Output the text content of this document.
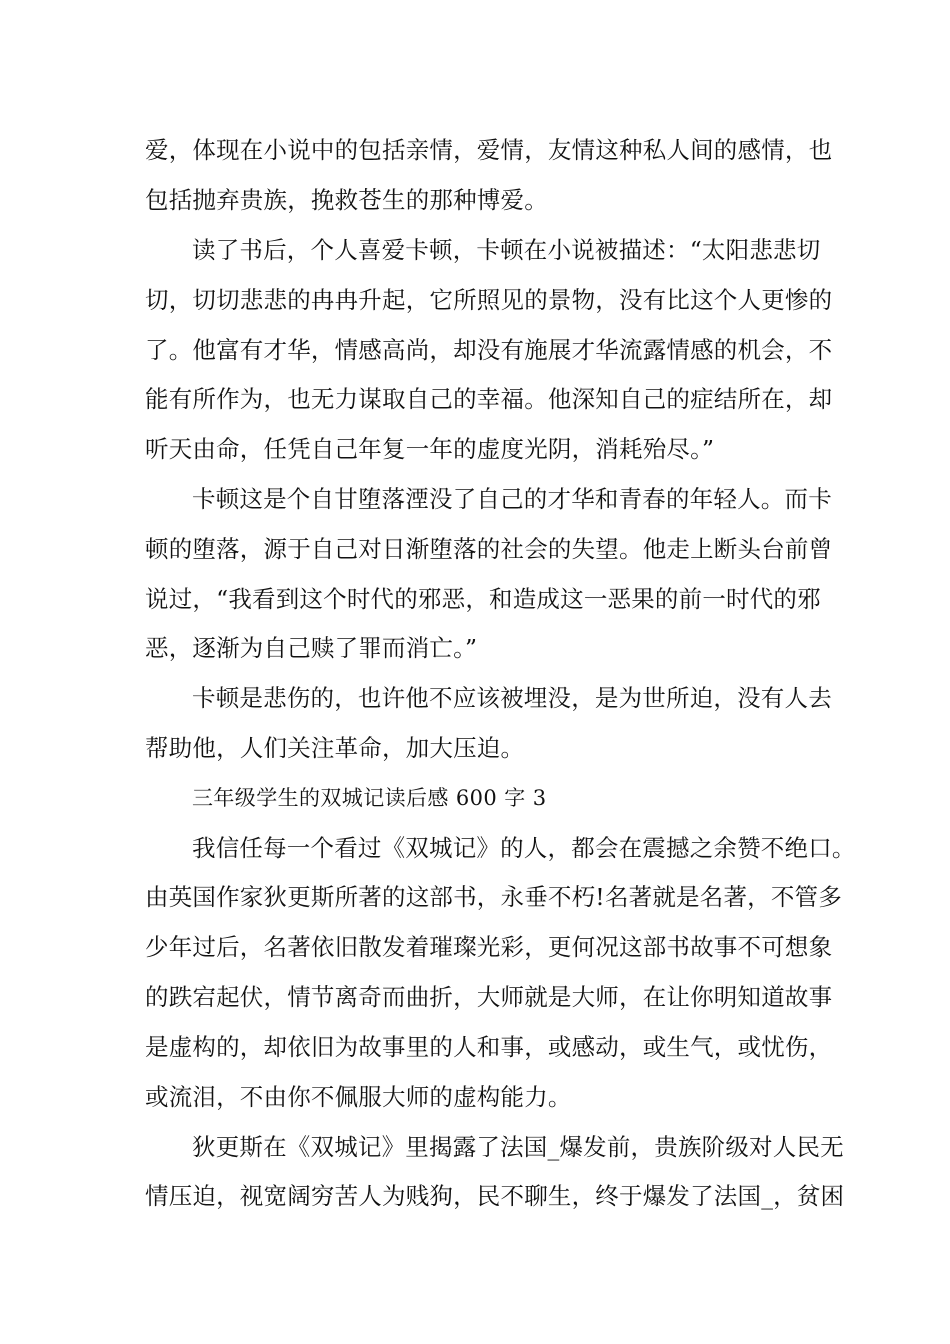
爱，体现在小说中的包括亲情，爱情，友情这种私人间的感情，也
包括抛弃贵族，挽救苍生的那种博爱。
读了书后，个人喜爱卡顿，卡顿在小说被描述：“太阳悲悲切
切，切切悲悲的冉冉升起，它所照见的景物，没有比这个人更惨的
了。他富有才华，情感高尚，却没有施展才华流露情感的机会，不
能有所作为，也无力谋取自己的幸福。他深知自己的症结所在，却
听天由命，任凭自己年复一年的虚度光阴，消耗殆尽。”
卡顿这是个自甘堕落湮没了自己的才华和青春的年轻人。而卡
顿的堕落，源于自己对日渐堕落的社会的失望。他走上断头台前曾
说过，“我看到这个时代的邪恶，和造成这一恶果的前一时代的邪
恶，逐渐为自己赎了罪而消亡。”
卡顿是悲伤的，也许他不应该被埋没，是为世所迫，没有人去
帮助他，人们关注革命，加大压迫。
三年级学生的双城记读后感 600 字 3
我信任每一个看过《双城记》的人，都会在震撼之余赞不绝口。
由英国作家狄更斯所著的这部书，永垂不朽!名著就是名著，不管多
少年过后，名著依旧散发着璀璨光彩，更何况这部书故事不可想象
的跌宕起伏，情节离奇而曲折，大师就是大师，在让你明知道故事
是虚构的，却依旧为故事里的人和事，或感动，或生气，或忧伤，
或流泪，不由你不佩服大师的虚构能力。
狄更斯在《双城记》里揭露了法国_爆发前，贵族阶级对人民无
情压迫，视宽阔穷苦人为贱狗，民不聊生，终于爆发了法国_，贫困
